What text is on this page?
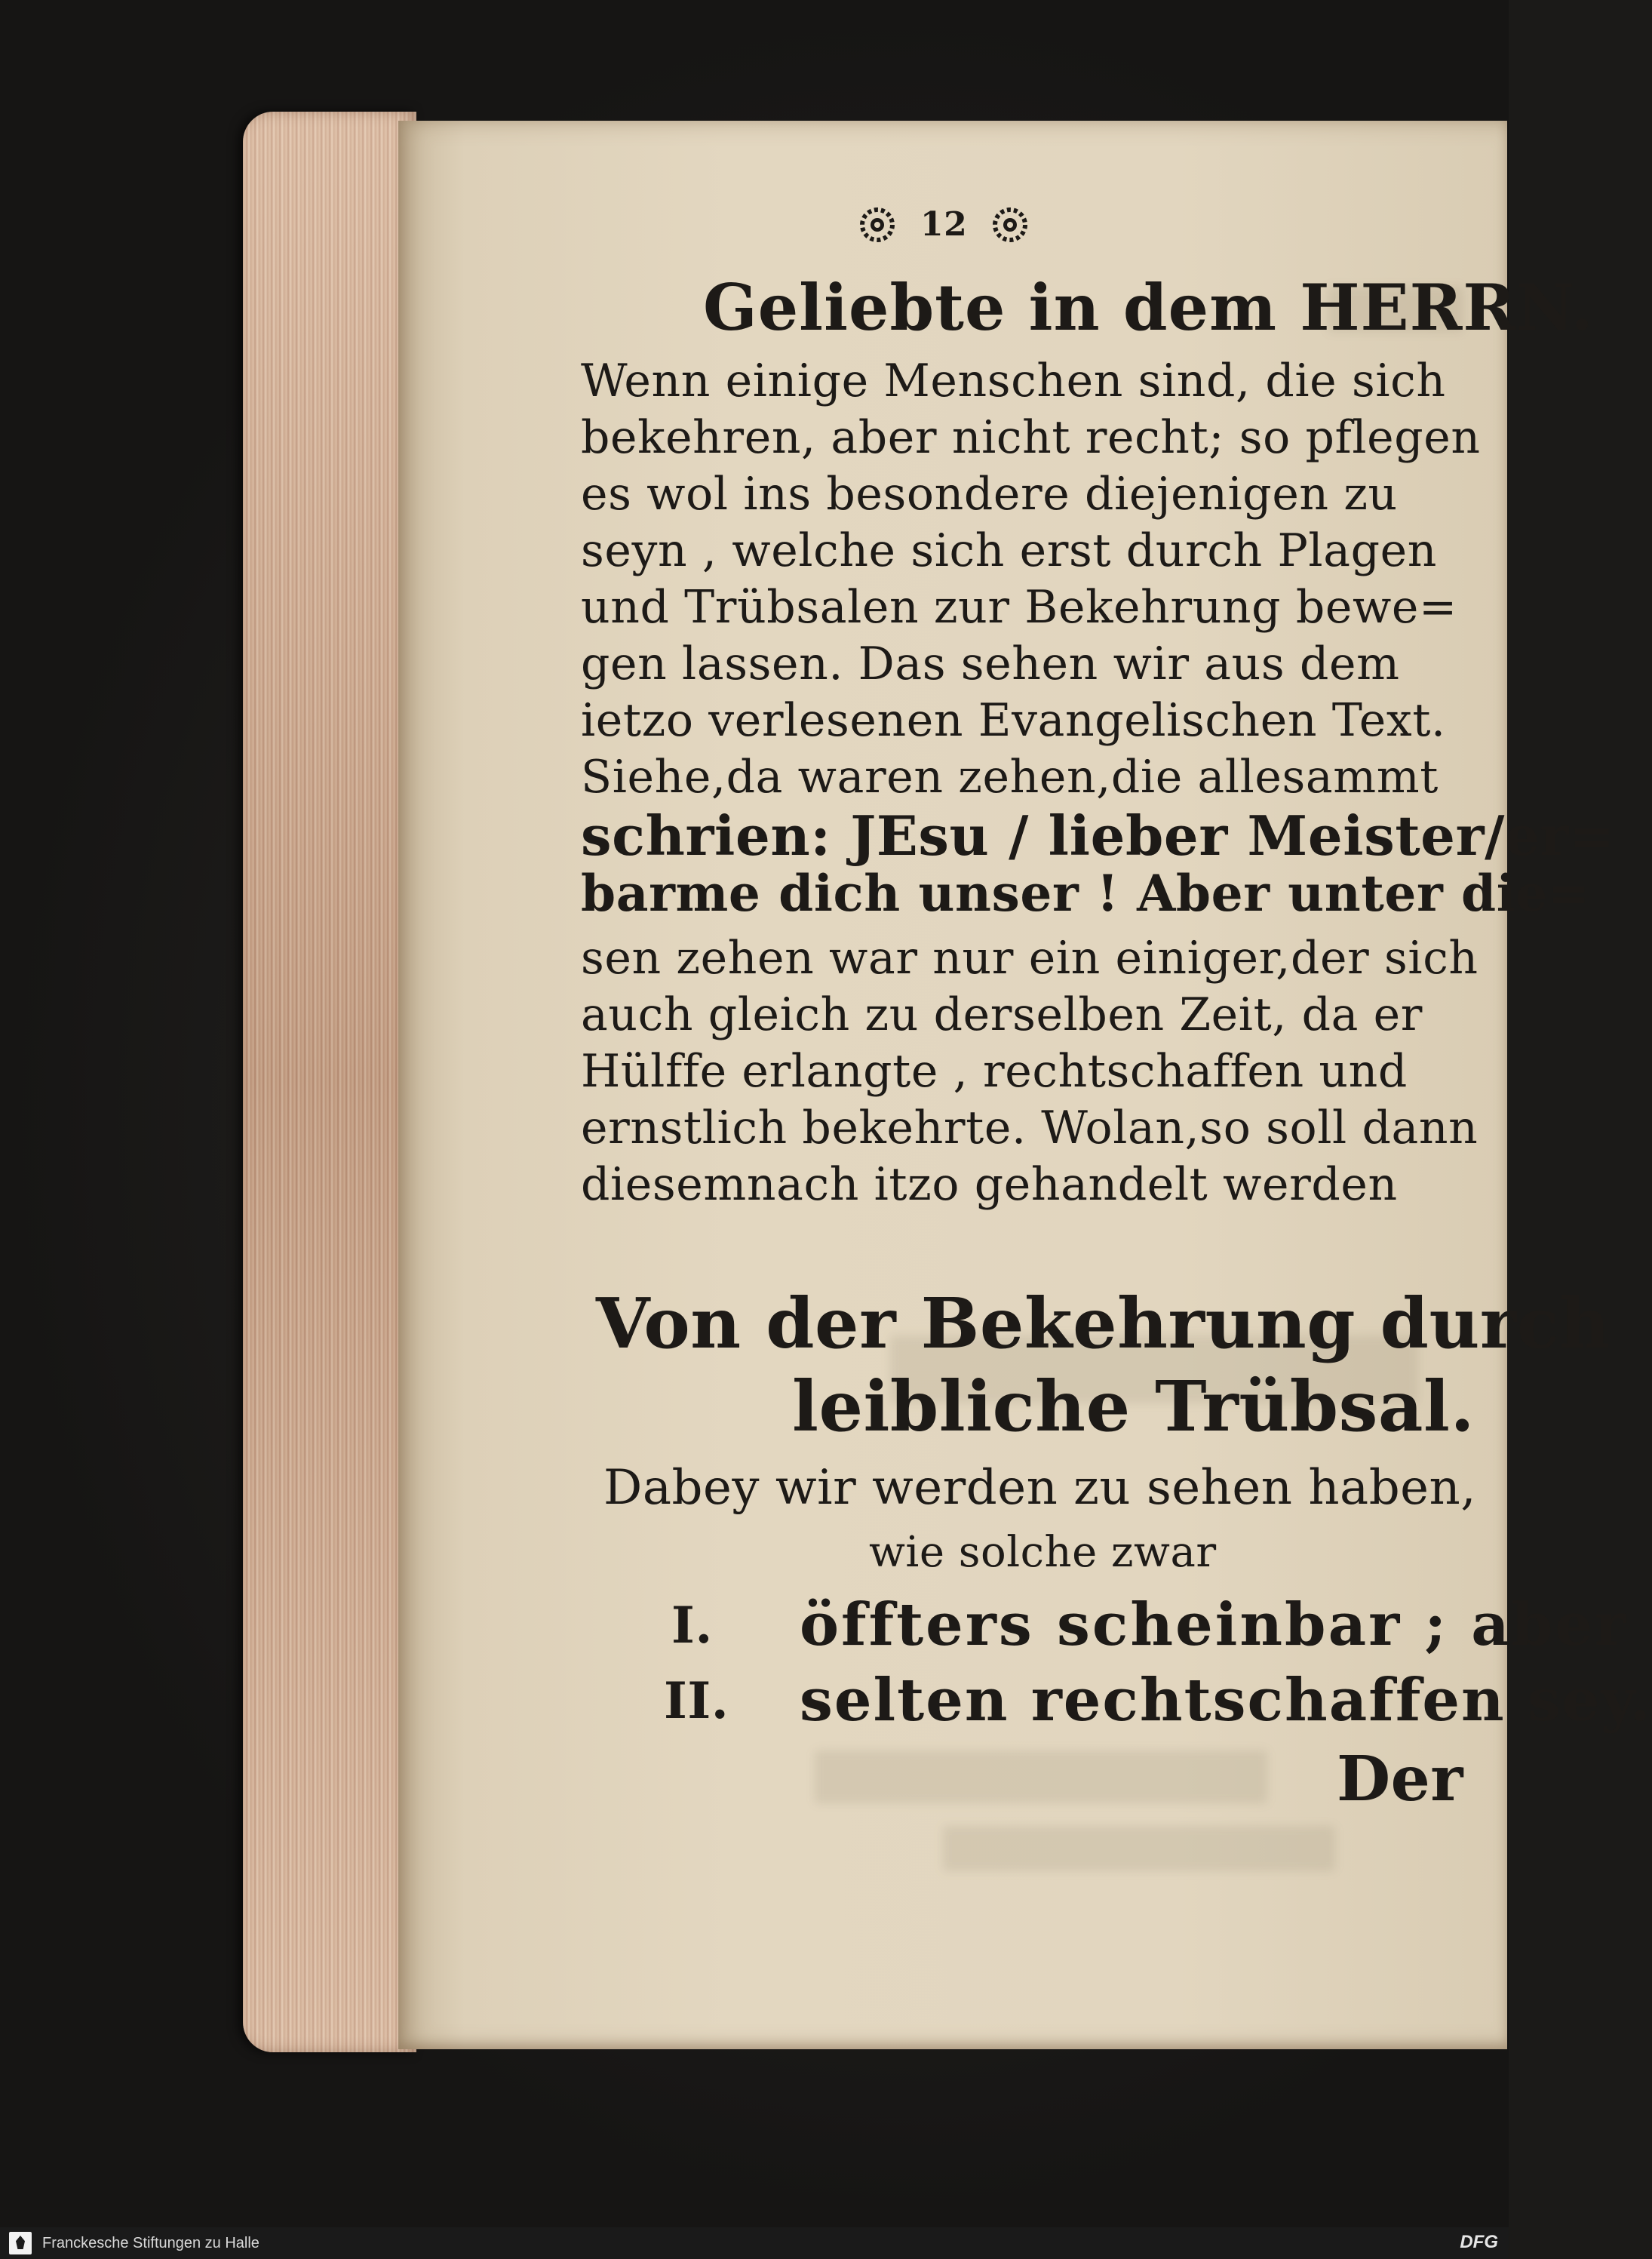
12
Geliebte in dem HERRN.
Wenn einige Menschen sind, die sich
bekehren, aber nicht recht; so pflegen
es wol ins besondere diejenigen zu
seyn , welche sich erst durch Plagen
und Trübsalen zur Bekehrung bewe=
gen lassen. Das sehen wir aus dem
ietzo verlesenen Evangelischen Text.
Siehe,da waren zehen,die allesammt
schrien: JEsu / lieber Meister/er=
barme dich unser ! Aber unter die=
sen zehen war nur ein einiger,der sich
auch gleich zu derselben Zeit, da er
Hülffe erlangte , rechtschaffen und
ernstlich bekehrte. Wolan,so soll dann
diesemnach itzo gehandelt werden
Von der Bekehrung durch
leibliche Trübsal.
Dabey wir werden zu sehen haben,
wie solche zwar
I. öffters scheinbar ; aber
II. selten rechtschaffen sey.
Der
Franckesche Stiftungen zu Halle	DFG
